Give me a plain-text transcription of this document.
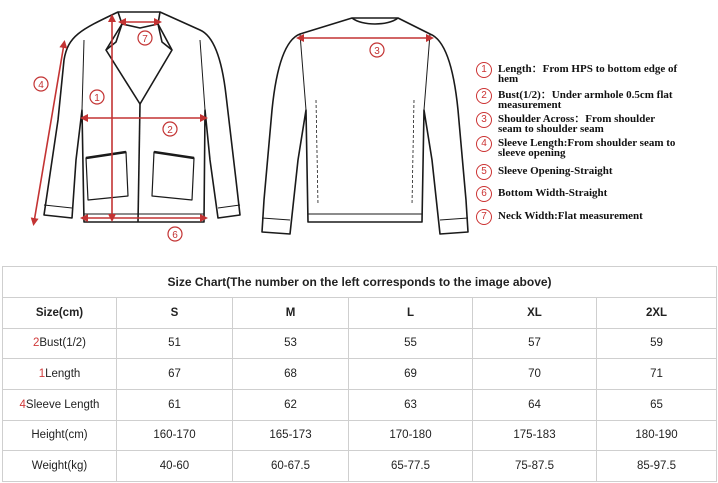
7
1
2
6
4
3
1	Length：From HPS to bottom edge of hem
2	Bust(1/2)：Under armhole 0.5cm flat measurement
3	Shoulder Across：From shoulder seam to shoulder seam
4	Sleeve Length:From shoulder seam to sleeve opening
5	Sleeve Opening-Straight
6	Bottom Width-Straight
7	Neck Width:Flat measurement
Size Chart(The number on the left corresponds to the image above)					
Size(cm)	S	M	L	XL	2XL
2Bust(1/2)	51	53	55	57	59
1Length	67	68	69	70	71
4Sleeve Length	61	62	63	64	65
Height(cm)	160-170	165-173	170-180	175-183	180-190
Weight(kg)	40-60	60-67.5	65-77.5	75-87.5	85-97.5
